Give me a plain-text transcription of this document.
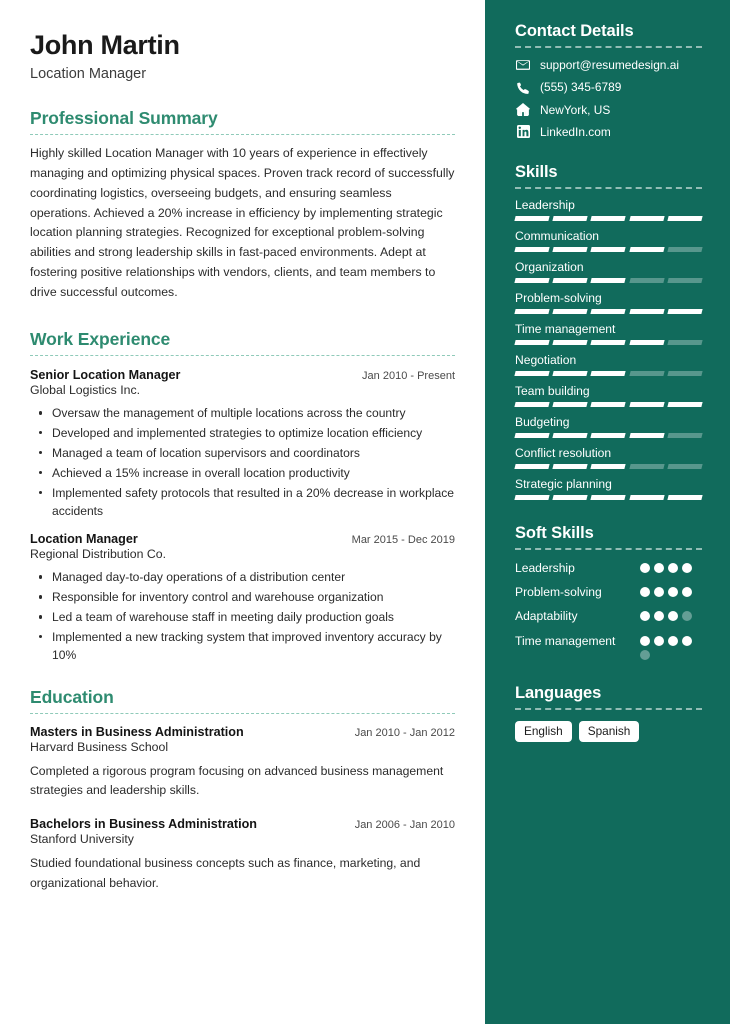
John Martin
Location Manager
Professional Summary
Highly skilled Location Manager with 10 years of experience in effectively managing and optimizing physical spaces. Proven track record of successfully coordinating logistics, overseeing budgets, and ensuring seamless operations. Achieved a 20% increase in efficiency by implementing strategic location planning strategies. Recognized for exceptional problem-solving abilities and strong leadership skills in fast-paced environments. Adept at fostering positive relationships with vendors, clients, and team members to drive successful outcomes.
Work Experience
Senior Location Manager	Jan 2010 - Present
Global Logistics Inc.
Oversaw the management of multiple locations across the country
Developed and implemented strategies to optimize location efficiency
Managed a team of location supervisors and coordinators
Achieved a 15% increase in overall location productivity
Implemented safety protocols that resulted in a 20% decrease in workplace accidents
Location Manager	Mar 2015 - Dec 2019
Regional Distribution Co.
Managed day-to-day operations of a distribution center
Responsible for inventory control and warehouse organization
Led a team of warehouse staff in meeting daily production goals
Implemented a new tracking system that improved inventory accuracy by 10%
Education
Masters in Business Administration	Jan 2010 - Jan 2012
Harvard Business School
Completed a rigorous program focusing on advanced business management strategies and leadership skills.
Bachelors in Business Administration	Jan 2006 - Jan 2010
Stanford University
Studied foundational business concepts such as finance, marketing, and organizational behavior.
Contact Details
support@resumedesign.ai
(555) 345-6789
NewYork, US
LinkedIn.com
Skills
Leadership
Communication
Organization
Problem-solving
Time management
Negotiation
Team building
Budgeting
Conflict resolution
Strategic planning
Soft Skills
Leadership
Problem-solving
Adaptability
Time management
Languages
English	Spanish
